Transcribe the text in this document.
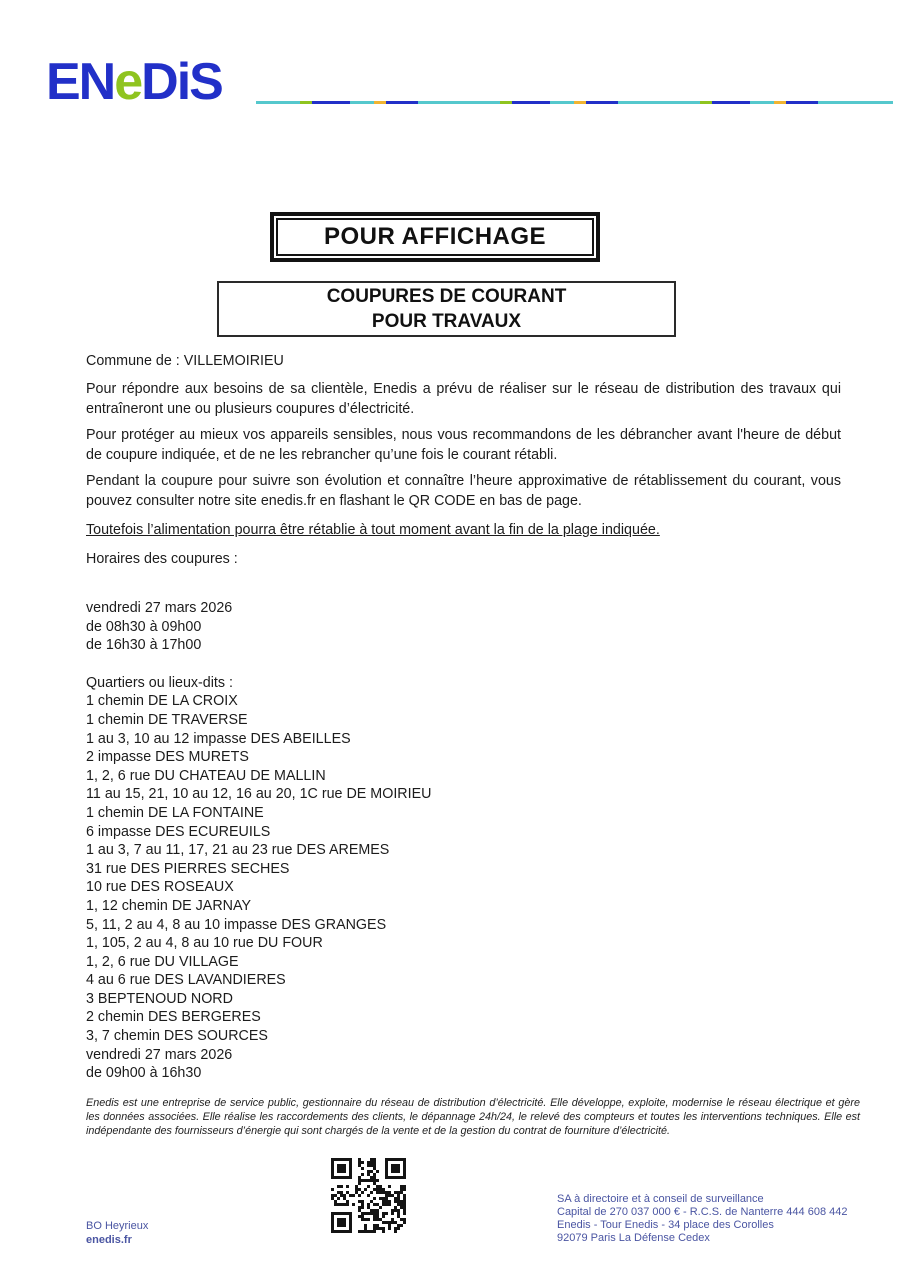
ENeDiS
POUR AFFICHAGE
COUPURES DE COURANT
POUR TRAVAUX
Commune de : VILLEMOIRIEU
Pour répondre aux besoins de sa clientèle, Enedis a prévu de réaliser sur le réseau de distribution des travaux qui entraîneront une ou plusieurs coupures d’électricité.
Pour protéger au mieux vos appareils sensibles, nous vous recommandons de les débrancher avant l'heure de début de coupure indiquée, et de ne les rebrancher qu’une fois le courant rétabli.
Pendant la coupure pour suivre son évolution et connaître l’heure approximative de rétablissement du courant, vous pouvez consulter notre site enedis.fr en flashant le QR CODE en bas de page.
Toutefois l’alimentation pourra être rétablie à tout moment avant la fin de la plage indiquée.
Horaires des coupures :
vendredi 27 mars 2026
de 08h30 à 09h00
de 16h30 à 17h00
Quartiers ou lieux-dits :
1 chemin DE LA CROIX
1 chemin DE TRAVERSE
1 au 3, 10 au 12 impasse DES ABEILLES
2 impasse DES MURETS
1, 2, 6 rue DU CHATEAU DE MALLIN
11 au 15, 21, 10 au 12, 16 au 20, 1C rue DE MOIRIEU
1 chemin DE LA FONTAINE
6 impasse DES ECUREUILS
1 au 3, 7 au 11, 17, 21 au 23 rue DES AREMES
31 rue DES PIERRES SECHES
10 rue DES ROSEAUX
1, 12 chemin DE JARNAY
5, 11, 2 au 4, 8 au 10 impasse DES GRANGES
1, 105, 2 au 4, 8 au 10 rue DU FOUR
1, 2, 6 rue DU VILLAGE
4 au 6 rue DES LAVANDIERES
3 BEPTENOUD NORD
2 chemin DES BERGERES
3, 7 chemin DES SOURCES
vendredi 27 mars 2026
de 09h00 à 16h30
Enedis est une entreprise de service public, gestionnaire du réseau de distribution d’électricité. Elle développe, exploite, modernise le réseau électrique et gère les données associées. Elle réalise les raccordements des clients, le dépannage 24h/24, le relevé des compteurs et toutes les interventions techniques. Elle est indépendante des fournisseurs d’énergie qui sont chargés de la vente et de la gestion du contrat de fourniture d’électricité.
BO Heyrieux
enedis.fr
SA à directoire et à conseil de surveillance
Capital de 270 037 000 € - R.C.S. de Nanterre 444 608 442
Enedis - Tour Enedis - 34 place des Corolles
92079 Paris La Défense Cedex
